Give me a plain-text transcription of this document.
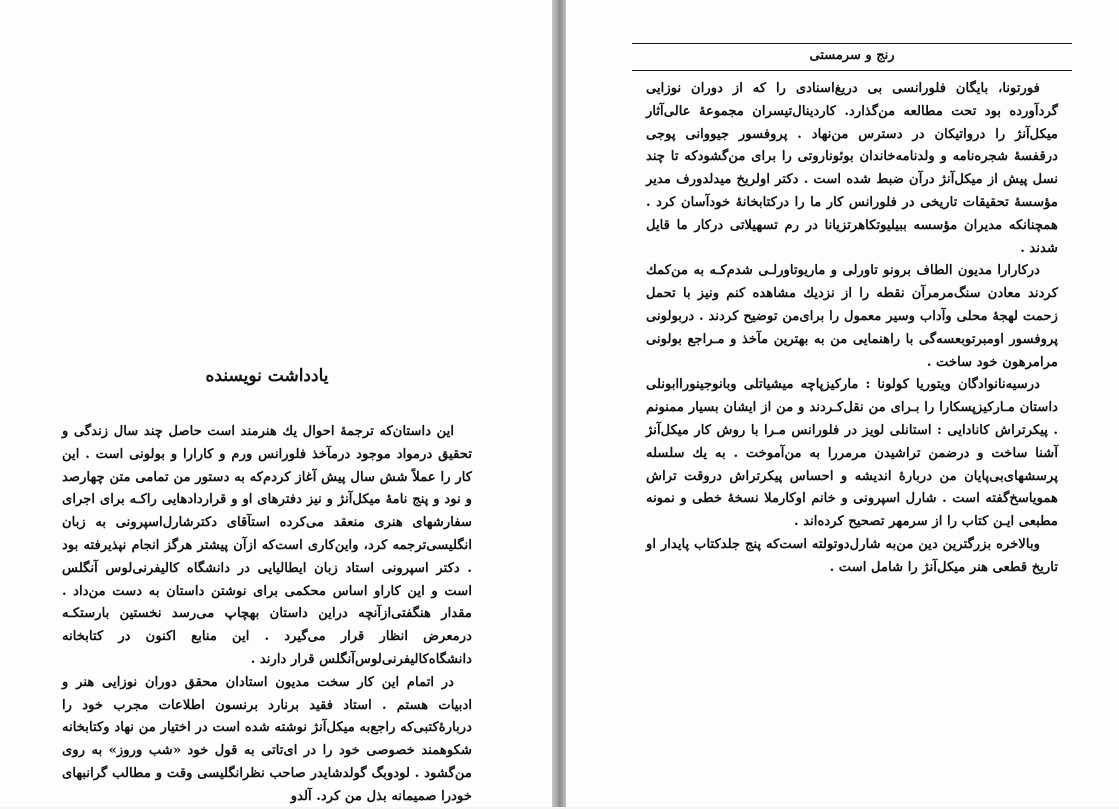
یادداشت نویسنده

این داستان‌که ترجمهٔ احوال یك هنرمند است حاصل چند سال زندگی و تحقیق درمواد موجود درمآخذ فلورانس ورم و کارارا و بولونی است . این کار را عملاً شش سال پیش آغاز کردم‌که به دستور من تمامی متن چهارصد و نود و پنج نامهٔ میکل‌آنژ و نیز دفترهای او و قراردادهایی راکـه برای اجرای سفارشهای هنری منعقد می‌کرده استآقای دکترشارل‌اسپرونی به زبان انگلیسی‌ترجمه کرد، واین‌کاری است‌که ازآن پیشتر هرگز انجام نپذیرفته بود . دکتر اسپرونی استاد زبان ایطالیایی در دانشگاه کالیفرنی‌لوس آنگلس است و این کاراو اساس محکمی برای نوشتن داستان به دست من‌داد . مقدار هنگفتی‌ازآنچه دراین داستان بهچاپ می‌رسد نخستین بارستکـه درمعرض انظار قرار می‌گیرد . این منابع اکنون در کتابخانه دانشگاه‌کالیفرنی‌لوس‌آنگلس قرار دارند .

در اتمام این کار سخت مدیون استادان محقق دوران نوزایی هنر و ادبیات هستم . استاد فقید برنارد برنسون اطلاعات مجرب خود را دربارهٔ‌کتبی‌که راجع‌به میکل‌آنژ نوشته شده است در اختیار من نهاد وکتابخانه شکوهمند خصوصی خود را در ای‌تاتی به قول خود «شب وروز» به روی من‌گشود . لودوبگ گولدشایدر صاحب نظرانگلیسی وقت و مطالب گرانبهای خودرا صمیمانه بذل من کرد. آلدو

رنج و سرمستی

فورتونا، بایگان فلورانسی بی دریغ‌اسنادی را که از دوران نوزایی گردآورده بود تحت مطالعه من‌گذارد. کاردینال‌تیسران مجموعهٔ عالی‌آثار میکل‌آنژ را درواتیکان در دسترس من‌نهاد . پروفسور جیووانی پوجی درقفسهٔ شجره‌نامه و ولدنامه‌خاندان بوئوناروتی را برای من‌گشودکه تا چند نسل پیش از میکل‌آنژ درآن ضبط شده است . دکتر اولریخ میدلدورف مدیر مؤسسهٔ تحقیقات تاریخی در فلورانس کار ما را درکتابخانهٔ خودآسان کرد . همچنانکه مدیران مؤسسه ببیلیوتکاهرتزیانا در رم تسهیلاتی درکار ما قایل شدند .

درکارارا مدیون الطاف برونو تاورلی و ماریوتاورلـی شدم‌کـه به من‌کمك کردند معادن سنگ‌مرمرآن نقطه را از نزدیك مشاهده کنم ونیز با تحمل زحمت لهجهٔ محلی وآداب وسیر معمول را برای‌من توضیح کردند . دربولونی پروفسور اومبرتوبعسه‌گی با راهنمایی من به بهترین مآخذ و مـراجع بولونی مرامرهون خود ساخت .

درسیه‌نانوادگان ویتوریا کولونا : مارکیزپاچه میشیاتلی وبانوجینوراابونلی داستان مـارکیزپسکارا را بـرای من نقل‌کـردند و من از ایشان بسیار ممنونم . پیکرتراش کانادایی : استانلی لویز در فلورانس مـرا با روش کار میکل‌آنژ آشنا ساخت و درضمن تراشیدن مرمررا به من‌آموخت . به یك سلسله پرسشهای‌بی‌پایان من دربارهٔ اندیشه و احساس پیکرتراش دروقت تراش همویاسخ‌گفته است . شارل اسپرونی و خانم اوکارملا نسخهٔ خطی و نمونه مطبعی ایـن کتاب را از سرمهر تصحیح کرده‌اند .

وبالاخره بزرگترین دین من‌به شارل‌دوتولته است‌که پنج جلدکتاب پایدار او تاریخ قطعی هنر میکل‌آنژ را شامل است .
